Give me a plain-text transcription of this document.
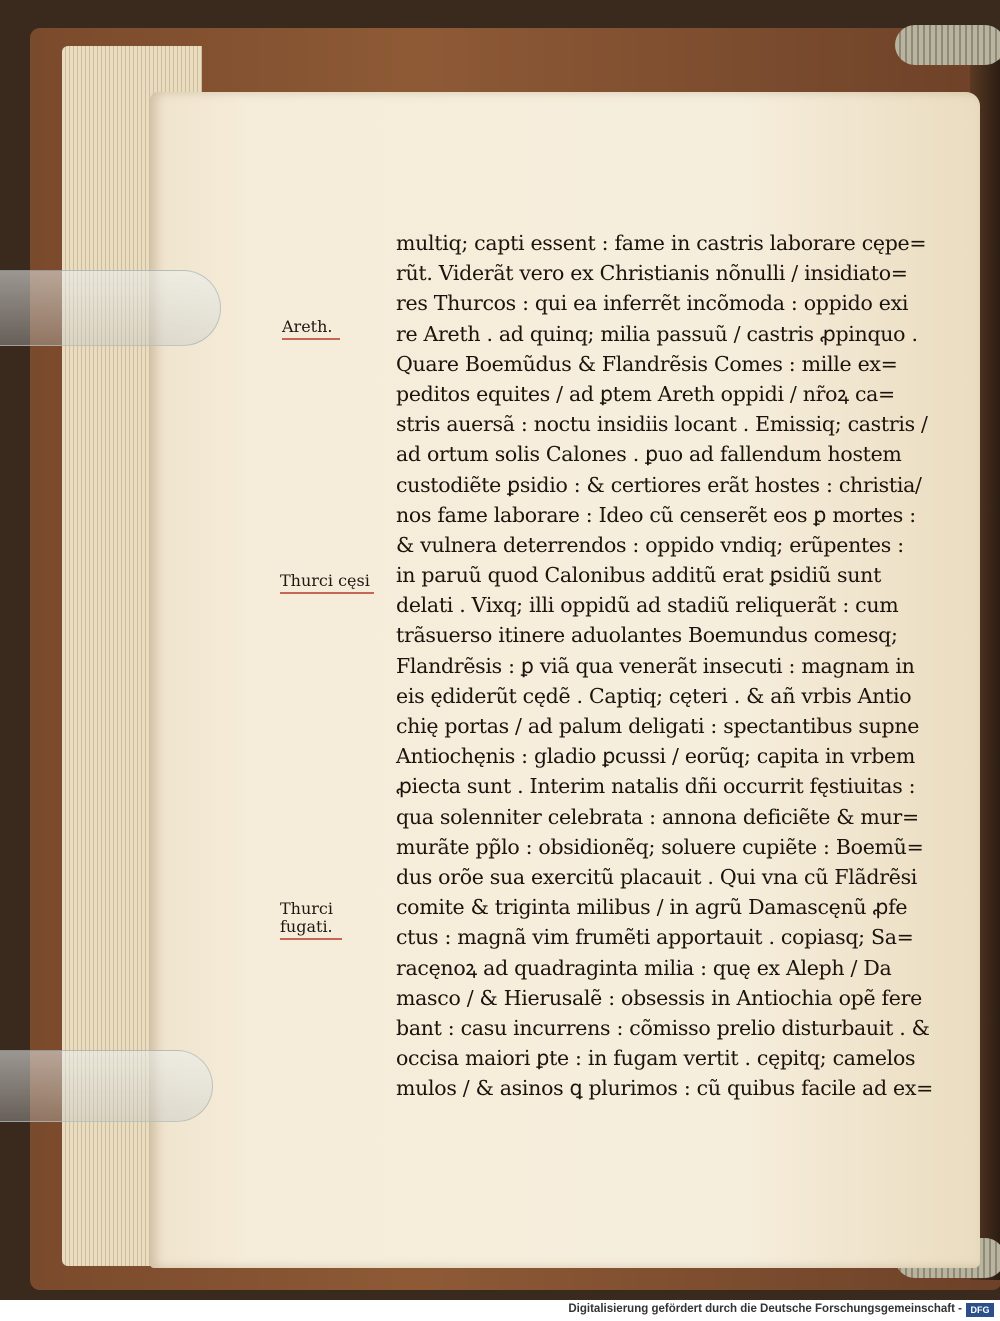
Areth.
Thurci cęsi
Thurci
fugati.
multiq; capti essent : fame in castris laborare cępe=
rũt. Viderãt vero ex Christianis nõnulli / insidiato=
res Thurcos : qui ea inferrẽt incõmoda : oppido exi
re Areth . ad quinq; milia passuũ / castris ꝓpinquo .
Quare Boemũdus & Flandrẽsis Comes : mille ex=
peditos equites / ad ꝑtem Areth oppidi / nr̃oꝝ ca=
stris auersã : noctu insidiis locant . Emissiq; castris /
ad ortum solis Calones . ꝑuo ad fallendum hostem
custodiẽte ꝑsidio : & certiores erãt hostes : christia/
nos fame laborare : Ideo cũ censerẽt eos ꝑ mortes :
& vulnera deterrendos : oppido vndiq; erũpentes :
in paruũ quod Calonibus additũ erat ꝑsidiũ sunt
delati . Vixq; illi oppidũ ad stadiũ reliquerãt : cum
trãsuerso itinere aduolantes Boemundus comesq;
Flandrẽsis : ꝑ viã qua venerãt insecuti : magnam in
eis ędiderũt cędẽ . Captiq; cęteri . & añ vrbis Antio
chię portas / ad palum deligati : spectantibus supne
Antiochęnis : gladio ꝑcussi / eorũq; capita in vrbem
ꝓiecta sunt . Interim natalis dñi occurrit fęstiuitas :
qua solenniter celebrata : annona deficiẽte & mur=
murãte pp̃lo : obsidionẽq; soluere cupiẽte : Boemũ=
dus orõe sua exercitũ placauit . Qui vna cũ Flãdrẽsi
comite & triginta milibus / in agrũ Damascęnũ ꝓfe
ctus : magnã vim frumẽti apportauit . copiasq; Sa=
racęnoꝝ ad quadraginta milia : quę ex Aleph / Da
masco / & Hierusalẽ : obsessis in Antiochia opẽ fere
bant : casu incurrens : cõmisso prelio disturbauit . &
occisa maiori ꝑte : in fugam vertit . cępitq; camelos
mulos / & asinos ꝗ plurimos : cũ quibus facile ad ex=
Digitalisierung gefördert durch die Deutsche Forschungsgemeinschaft - DFG
